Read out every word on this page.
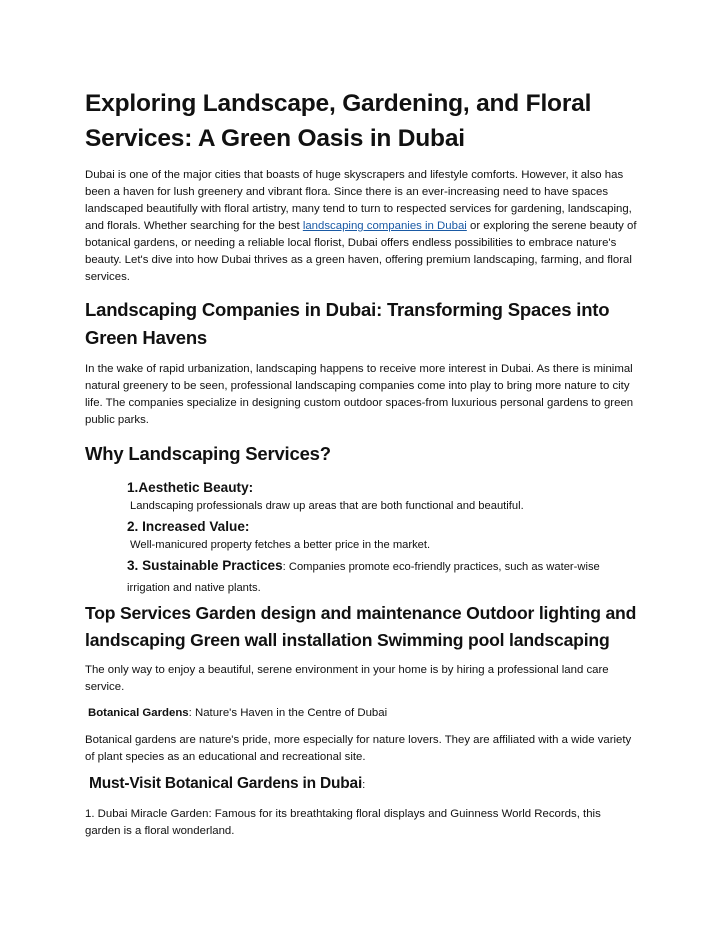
Exploring Landscape, Gardening, and Floral Services: A Green Oasis in Dubai

Dubai is one of the major cities that boasts of huge skyscrapers and lifestyle comforts. However, it also has been a haven for lush greenery and vibrant flora. Since there is an ever-increasing need to have spaces landscaped beautifully with floral artistry, many tend to turn to respected services for gardening, landscaping, and florals. Whether searching for the best landscaping companies in Dubai or exploring the serene beauty of botanical gardens, or needing a reliable local florist, Dubai offers endless possibilities to embrace nature's beauty. Let's dive into how Dubai thrives as a green haven, offering premium landscaping, farming, and floral services.

Landscaping Companies in Dubai: Transforming Spaces into Green Havens

In the wake of rapid urbanization, landscaping happens to receive more interest in Dubai. As there is minimal natural greenery to be seen, professional landscaping companies come into play to bring more nature to city life. The companies specialize in designing custom outdoor spaces-from luxurious personal gardens to green public parks.

Why Landscaping Services?
1.Aesthetic Beauty:
Landscaping professionals draw up areas that are both functional and beautiful.
2. Increased Value:
Well-manicured property fetches a better price in the market.
3. Sustainable Practices: Companies promote eco-friendly practices, such as water-wise irrigation and native plants.
Top Services Garden design and maintenance Outdoor lighting and landscaping Green wall installation Swimming pool landscaping

The only way to enjoy a beautiful, serene environment in your home is by hiring a professional land care service.

Botanical Gardens: Nature's Haven in the Centre of Dubai

Botanical gardens are nature's pride, more especially for nature lovers. They are affiliated with a wide variety of plant species as an educational and recreational site.

Must-Visit Botanical Gardens in Dubai:

1. Dubai Miracle Garden: Famous for its breathtaking floral displays and Guinness World Records, this garden is a floral wonderland.
